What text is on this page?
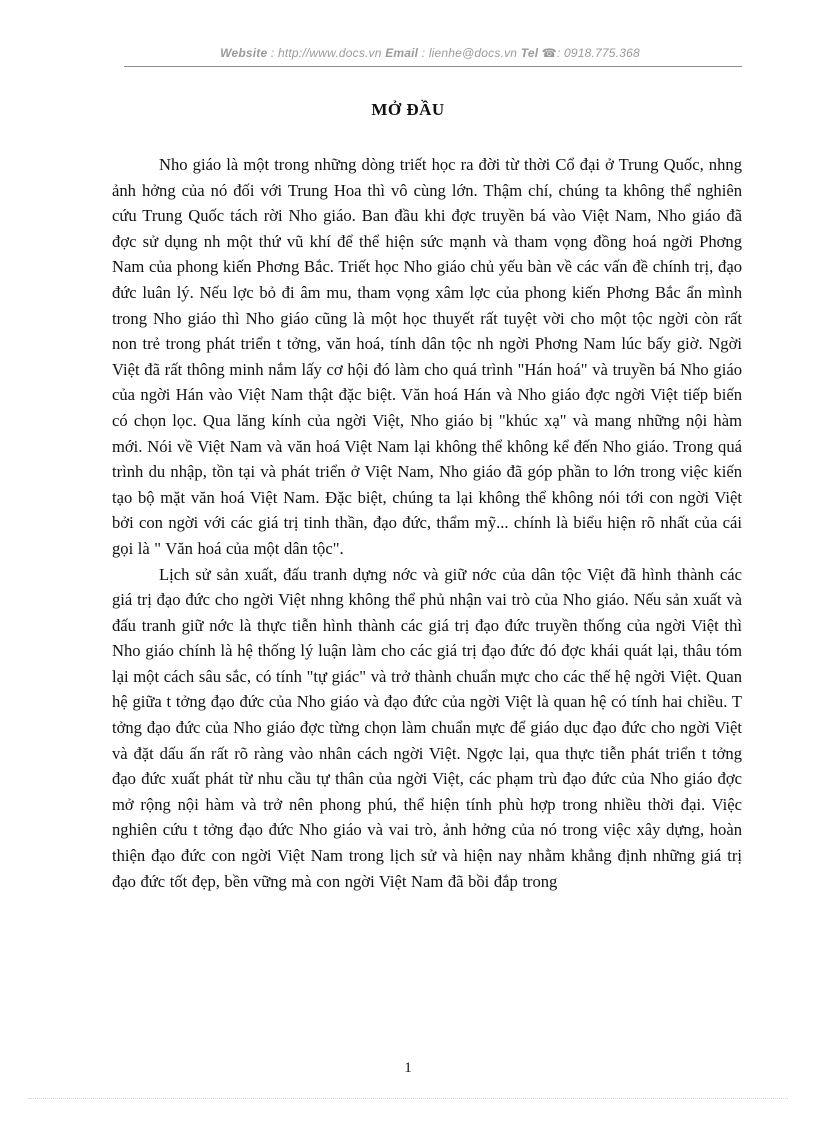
Website : http://www.docs.vn Email : lienhe@docs.vn Tel ☎: 0918.775.368
MỞ ĐẦU

Nho giáo là một trong những dòng triết học ra đời từ thời Cổ đại ở Trung Quốc, nhng ảnh hởng của nó đối với Trung Hoa thì vô cùng lớn. Thậm chí, chúng ta không thể nghiên cứu Trung Quốc tách rời Nho giáo. Ban đầu khi đợc truyền bá vào Việt Nam, Nho giáo đã đợc sử dụng nh một thứ vũ khí để thể hiện sức mạnh và tham vọng đồng hoá ngời Phơng Nam của phong kiến Phơng Bắc. Triết học Nho giáo chủ yếu bàn về các vấn đề chính trị, đạo đức luân lý. Nếu lợc bỏ đi âm mu, tham vọng xâm lợc của phong kiến Phơng Bắc ẩn mình trong Nho giáo thì Nho giáo cũng là một học thuyết rất tuyệt vời cho một tộc ngời còn rất non trẻ trong phát triển t tởng, văn hoá, tính dân tộc nh ngời Phơng Nam lúc bấy giờ. Ngời Việt đã rất thông minh nắm lấy cơ hội đó làm cho quá trình "Hán hoá" và truyền bá Nho giáo của ngời Hán vào Việt Nam thật đặc biệt. Văn hoá Hán và Nho giáo đợc ngời Việt tiếp biến có chọn lọc. Qua lăng kính của ngời Việt, Nho giáo bị "khúc xạ" và mang những nội hàm mới. Nói về Việt Nam và văn hoá Việt Nam lại không thể không kể đến Nho giáo. Trong quá trình du nhập, tồn tại và phát triển ở Việt Nam, Nho giáo đã góp phần to lớn trong việc kiến tạo bộ mặt văn hoá Việt Nam. Đặc biệt, chúng ta lại không thể không nói tới con ngời Việt bởi con ngời với các giá trị tinh thần, đạo đức, thẩm mỹ... chính là biểu hiện rõ nhất của cái gọi là " Văn hoá của một dân tộc".

Lịch sử sản xuất, đấu tranh dựng nớc và giữ nớc của dân tộc Việt đã hình thành các giá trị đạo đức cho ngời Việt nhng không thể phủ nhận vai trò của Nho giáo. Nếu sản xuất và đấu tranh giữ nớc là thực tiễn hình thành các giá trị đạo đức truyền thống của ngời Việt thì Nho giáo chính là hệ thống lý luận làm cho các giá trị đạo đức đó đợc khái quát lại, thâu tóm lại một cách sâu sắc, có tính "tự giác" và trở thành chuẩn mực cho các thế hệ ngời Việt. Quan hệ giữa t tởng đạo đức của Nho giáo và đạo đức của ngời Việt là quan hệ có tính hai chiều. T tởng đạo đức của Nho giáo đợc từng chọn làm chuẩn mực để giáo dục đạo đức cho ngời Việt và đặt dấu ấn rất rõ ràng vào nhân cách ngời Việt. Ngợc lại, qua thực tiễn phát triển t tởng đạo đức xuất phát từ nhu cầu tự thân của ngời Việt, các phạm trù đạo đức của Nho giáo đợc mở rộng nội hàm và trở nên phong phú, thể hiện tính phù hợp trong nhiều thời đại. Việc nghiên cứu t tởng đạo đức Nho giáo và vai trò, ảnh hởng của nó trong việc xây dựng, hoàn thiện đạo đức con ngời Việt Nam trong lịch sử và hiện nay nhằm khẳng định những giá trị đạo đức tốt đẹp, bền vững mà con ngời Việt Nam đã bồi đắp trong

1
